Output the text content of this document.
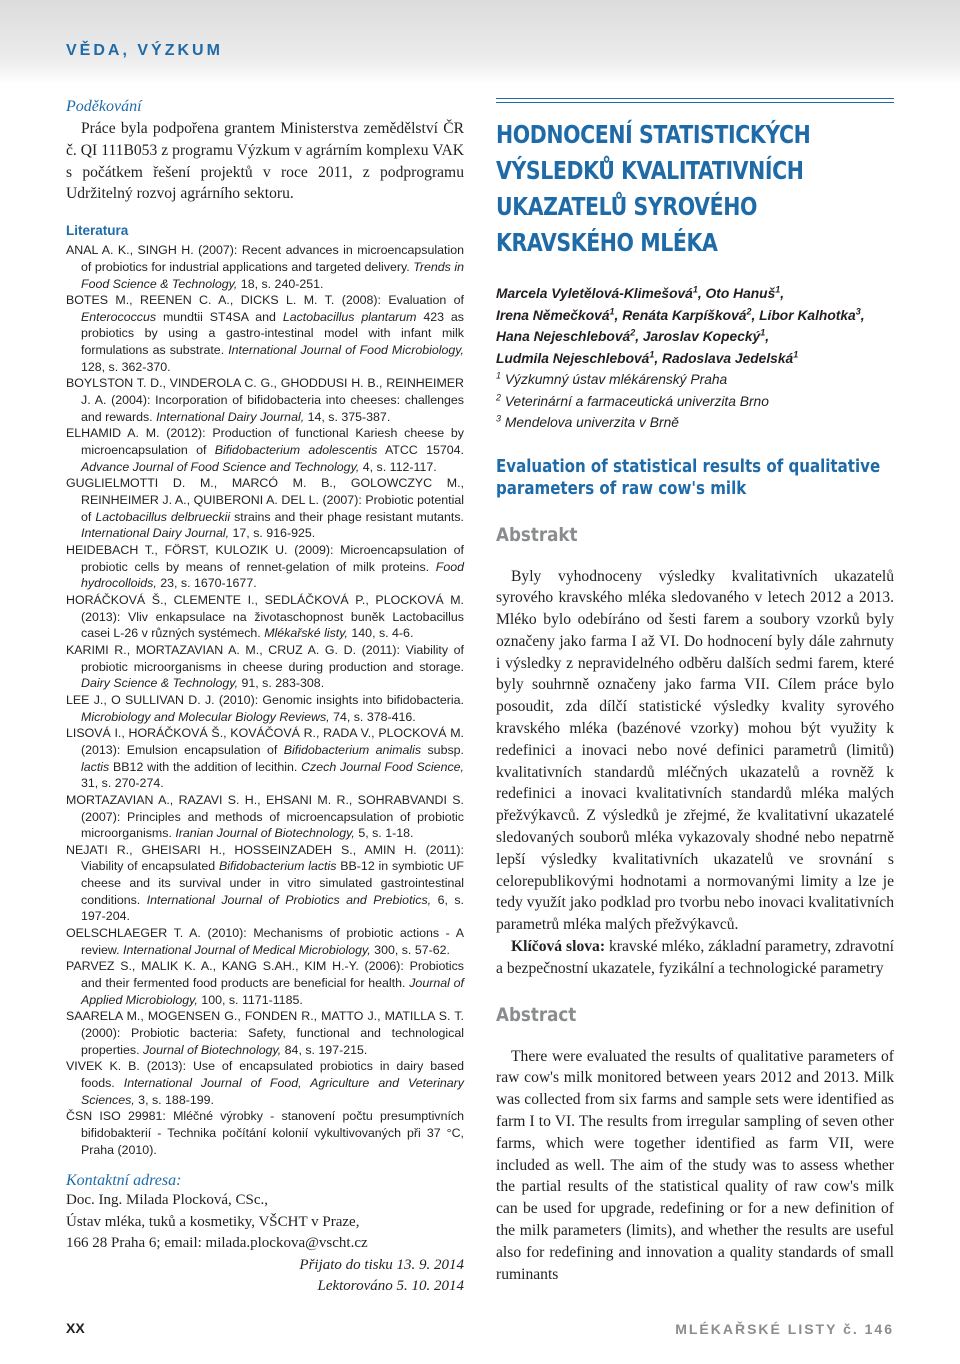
VĚDA, VÝZKUM

Poděkování

Práce byla podpořena grantem Ministerstva zemědělství ČR č. QI 111B053 z programu Výzkum v agrárním komplexu VAK s počátkem řešení projektů v roce 2011, z podprogramu Udržitelný rozvoj agrárního sektoru.

Literatura

ANAL A. K., SINGH H. (2007): Recent advances in microencapsulation of probiotics for industrial applications and targeted delivery. Trends in Food Science & Technology, 18, s. 240-251.

BOTES M., REENEN C. A., DICKS L. M. T. (2008): Evaluation of Enterococcus mundtii ST4SA and Lactobacillus plantarum 423 as probiotics by using a gastro-intestinal model with infant milk formulations as substrate. International Journal of Food Microbiology, 128, s. 362-370.

BOYLSTON T. D., VINDEROLA C. G., GHODDUSI H. B., REINHEIMER J. A. (2004): Incorporation of bifidobacteria into cheeses: challenges and rewards. International Dairy Journal, 14, s. 375-387.

ELHAMID A. M. (2012): Production of functional Kariesh cheese by microencapsulation of Bifidobacterium adolescentis ATCC 15704. Advance Journal of Food Science and Technology, 4, s. 112-117.

GUGLIELMOTTI D. M., MARCÓ M. B., GOLOWCZYC M., REINHEIMER J. A., QUIBERONI A. DEL L. (2007): Probiotic potential of Lactobacillus delbrueckii strains and their phage resistant mutants. International Dairy Journal, 17, s. 916-925.

HEIDEBACH T., FÖRST, KULOZIK U. (2009): Microencapsulation of probiotic cells by means of rennet-gelation of milk proteins. Food hydrocolloids, 23, s. 1670-1677.

HORÁČKOVÁ Š., CLEMENTE I., SEDLÁČKOVÁ P., PLOCKOVÁ M. (2013): Vliv enkapsulace na životaschopnost buněk Lactobacillus casei L-26 v různých systémech. Mlékařské listy, 140, s. 4-6.

KARIMI R., MORTAZAVIAN A. M., CRUZ A. G. D. (2011): Viability of probiotic microorganisms in cheese during production and storage. Dairy Science & Technology, 91, s. 283-308.

LEE J., O SULLIVAN D. J. (2010): Genomic insights into bifidobacteria. Microbiology and Molecular Biology Reviews, 74, s. 378-416.

LISOVÁ I., HORÁČKOVÁ Š., KOVÁČOVÁ R., RADA V., PLOCKOVÁ M. (2013): Emulsion encapsulation of Bifidobacterium animalis subsp. lactis BB12 with the addition of lecithin. Czech Journal Food Science, 31, s. 270-274.

MORTAZAVIAN A., RAZAVI S. H., EHSANI M. R., SOHRABVANDI S. (2007): Principles and methods of microencapsulation of probiotic microorganisms. Iranian Journal of Biotechnology, 5, s. 1-18.

NEJATI R., GHEISARI H., HOSSEINZADEH S., AMIN H. (2011): Viability of encapsulated Bifidobacterium lactis BB-12 in symbiotic UF cheese and its survival under in vitro simulated gastrointestinal conditions. International Journal of Probiotics and Prebiotics, 6, s. 197-204.

OELSCHLAEGER T. A. (2010): Mechanisms of probiotic actions - A review. International Journal of Medical Microbiology, 300, s. 57-62.

PARVEZ S., MALIK K. A., KANG S.AH., KIM H.-Y. (2006): Probiotics and their fermented food products are beneficial for health. Journal of Applied Microbiology, 100, s. 1171-1185.

SAARELA M., MOGENSEN G., FONDEN R., MATTO J., MATILLA S. T. (2000): Probiotic bacteria: Safety, functional and technological properties. Journal of Biotechnology, 84, s. 197-215.

VIVEK K. B. (2013): Use of encapsulated probiotics in dairy based foods. International Journal of Food, Agriculture and Veterinary Sciences, 3, s. 188-199.

ČSN ISO 29981: Mléčné výrobky - stanovení počtu presumptivních bifidobakterií - Technika počítání kolonií vykultivovaných při 37 °C, Praha (2010).

Kontaktní adresa:

Doc. Ing. Milada Plocková, CSc.,

Ústav mléka, tuků a kosmetiky, VŠCHT v Praze,

166 28 Praha 6; email: milada.plockova@vscht.cz

Přijato do tisku 13. 9. 2014

Lektorováno 5. 10. 2014

HODNOCENÍ STATISTICKÝCH

VÝSLEDKŮ KVALITATIVNÍCH

UKAZATELŮ SYROVÉHO

KRAVSKÉHO MLÉKA

Marcela Vyletělová-Klimešová$^1$, Oto Hanuš$^1$,

Irena Němečková$^1$, Renáta Karpíšková$^2$, Libor Kalhotka$^3$,

Hana Nejeschlebová$^2$, Jaroslav Kopecký$^1$,

Ludmila Nejeschlebová$^1$, Radoslava Jedelská$^1$

$^1$ Výzkumný ústav mlékárenský Praha

$^2$ Veterinární a farmaceutická univerzita Brno

$^3$ Mendelova univerzita v Brně

Evaluation of statistical results of qualitative

parameters of raw cow's milk

Abstrakt

Byly vyhodnoceny výsledky kvalitativních ukazatelů syrového kravského mléka sledovaného v letech 2012 a 2013. Mléko bylo odebíráno od šesti farem a soubory vzorků byly označeny jako farma I až VI. Do hodnocení byly dále zahrnuty i výsledky z nepravidelného odběru dalších sedmi farem, které byly souhrnně označeny jako farma VII. Cílem práce bylo posoudit, zda dílčí statistické výsledky kvality syrového kravského mléka (bazénové vzorky) mohou být využity k redefinici a inovaci nebo nové definici parametrů (limitů) kvalitativních standardů mléčných ukazatelů a rovněž k redefinici a inovaci kvalitativních standardů mléka malých přežvýkavců. Z výsledků je zřejmé, že kvalitativní ukazatelé sledovaných souborů mléka vykazovaly shodné nebo nepatrně lepší výsledky kvalitativních ukazatelů ve srovnání s celorepublikovými hodnotami a normovanými limity a lze je tedy využít jako podklad pro tvorbu nebo inovaci kvalitativních parametrů mléka malých přežvýkavců.

Klíčová slova: kravské mléko, základní parametry, zdravotní a bezpečnostní ukazatele, fyzikální a technologické parametry

Abstract

There were evaluated the results of qualitative parameters of raw cow's milk monitored between years 2012 and 2013. Milk was collected from six farms and sample sets were identified as farm I to VI. The results from irregular sampling of seven other farms, which were together identified as farm VII, were included as well. The aim of the study was to assess whether the partial results of the statistical quality of raw cow's milk can be used for upgrade, redefining or for a new definition of the milk parameters (limits), and whether the results are useful also for redefining and innovation a quality standards of small ruminants

XX	MLÉKAŘSKÉ LISTY č. 146
